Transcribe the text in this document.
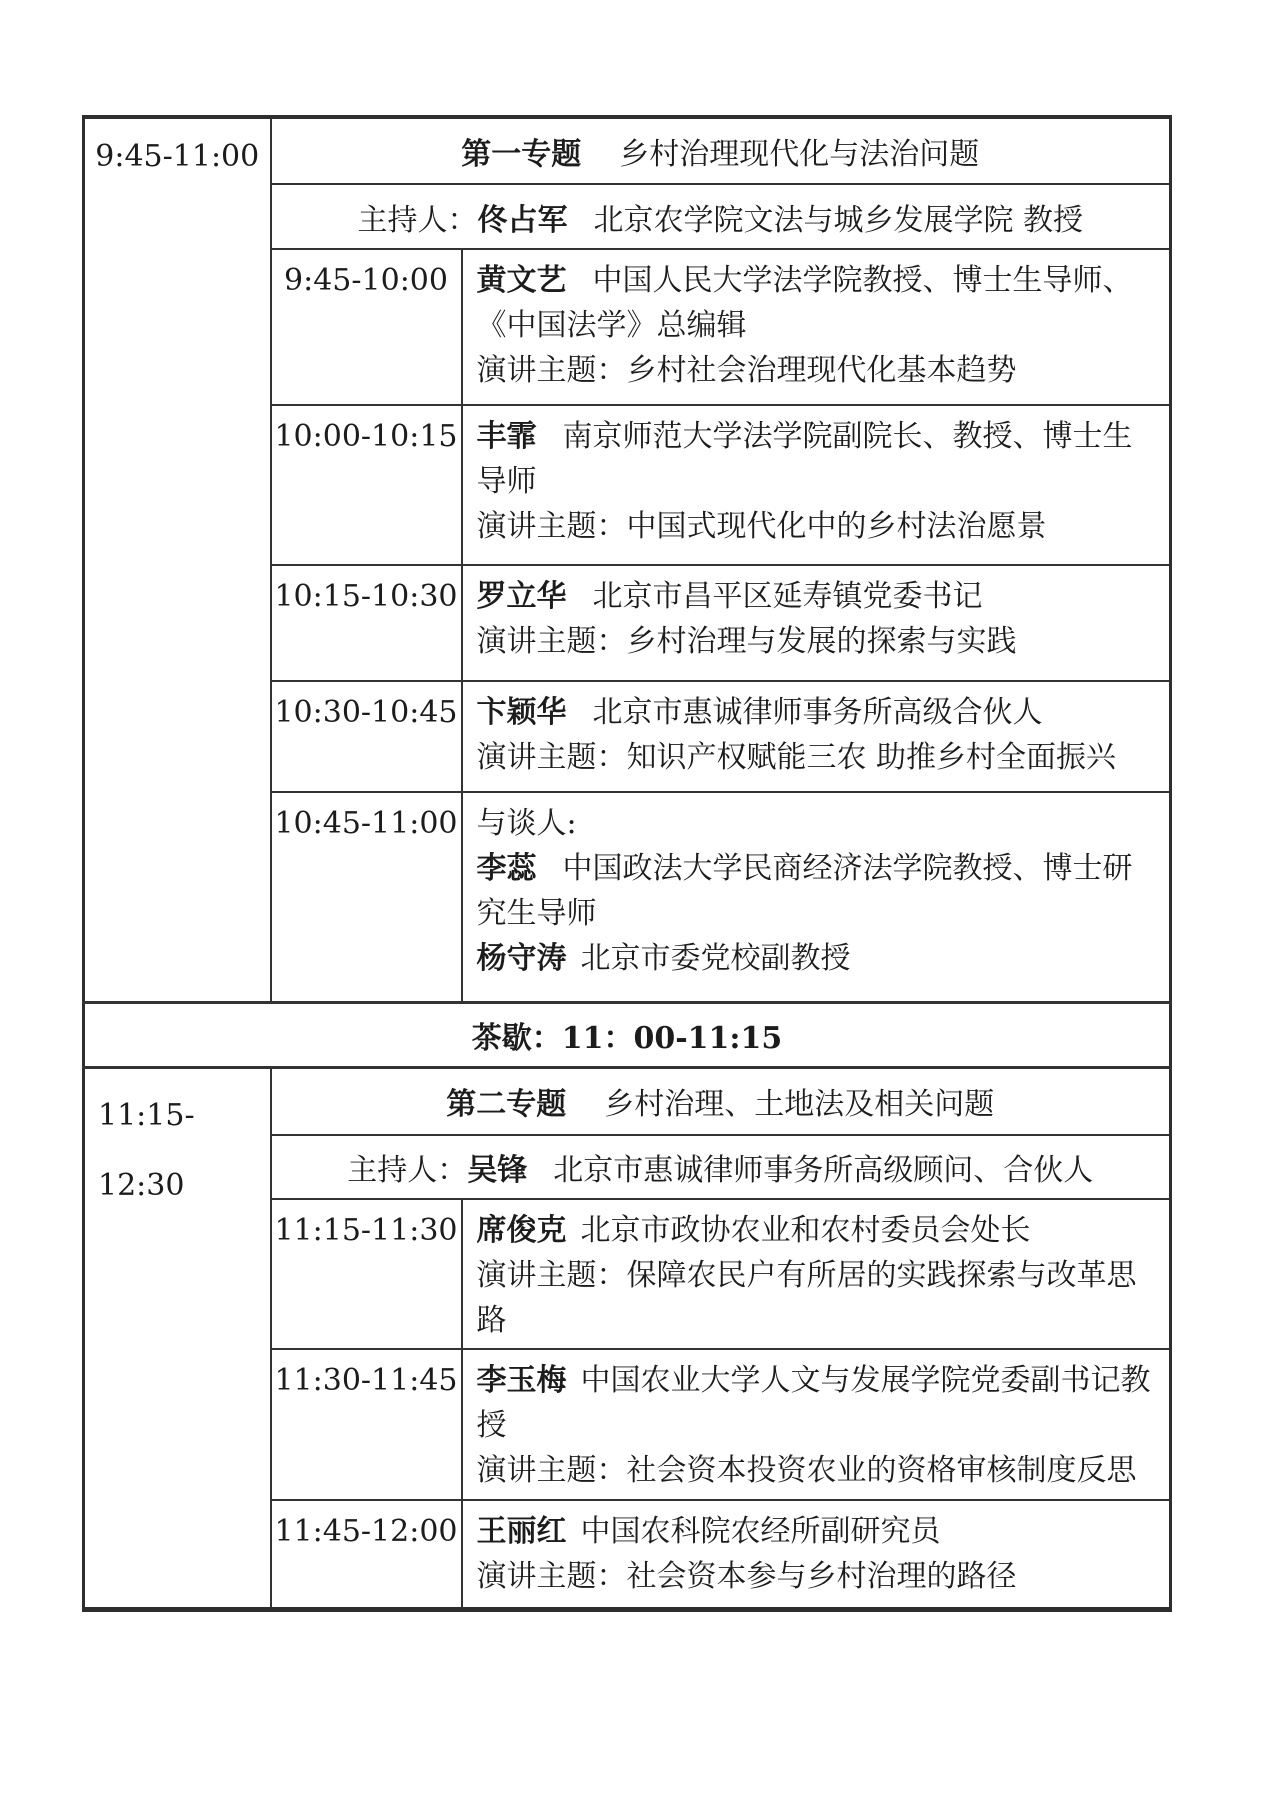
9:45-11:00	第一专题 乡村治理现代化与法治问题	
	主持人：佟占军 北京农学院文法与城乡发展学院 教授	
	9:45-10:00	黄文艺 中国人民大学法学院教授、博士生导师、《中国法学》总编辑

演讲主题：乡村社会治理现代化基本趋势

	10:00-10:15	丰霏 南京师范大学法学院副院长、教授、博士生导师

演讲主题：中国式现代化中的乡村法治愿景

	10:15-10:30	罗立华 北京市昌平区延寿镇党委书记

演讲主题：乡村治理与发展的探索与实践

	10:30-10:45	卞颖华 北京市惠诚律师事务所高级合伙人

演讲主题：知识产权赋能三农 助推乡村全面振兴

	10:45-11:00	与谈人:

李蕊 中国政法大学民商经济法学院教授、博士研究生导师

杨守涛 北京市委党校副教授

茶歇：11：00-11:15		

11:15-
12:30	第二专题 乡村治理、土地法及相关问题	
	主持人：吴锋 北京市惠诚律师事务所高级顾问、合伙人	
	11:15-11:30	席俊克 北京市政协农业和农村委员会处长

演讲主题：保障农民户有所居的实践探索与改革思路

	11:30-11:45	李玉梅 中国农业大学人文与发展学院党委副书记教授

演讲主题：社会资本投资农业的资格审核制度反思

	11:45-12:00	王丽红 中国农科院农经所副研究员

演讲主题：社会资本参与乡村治理的路径
